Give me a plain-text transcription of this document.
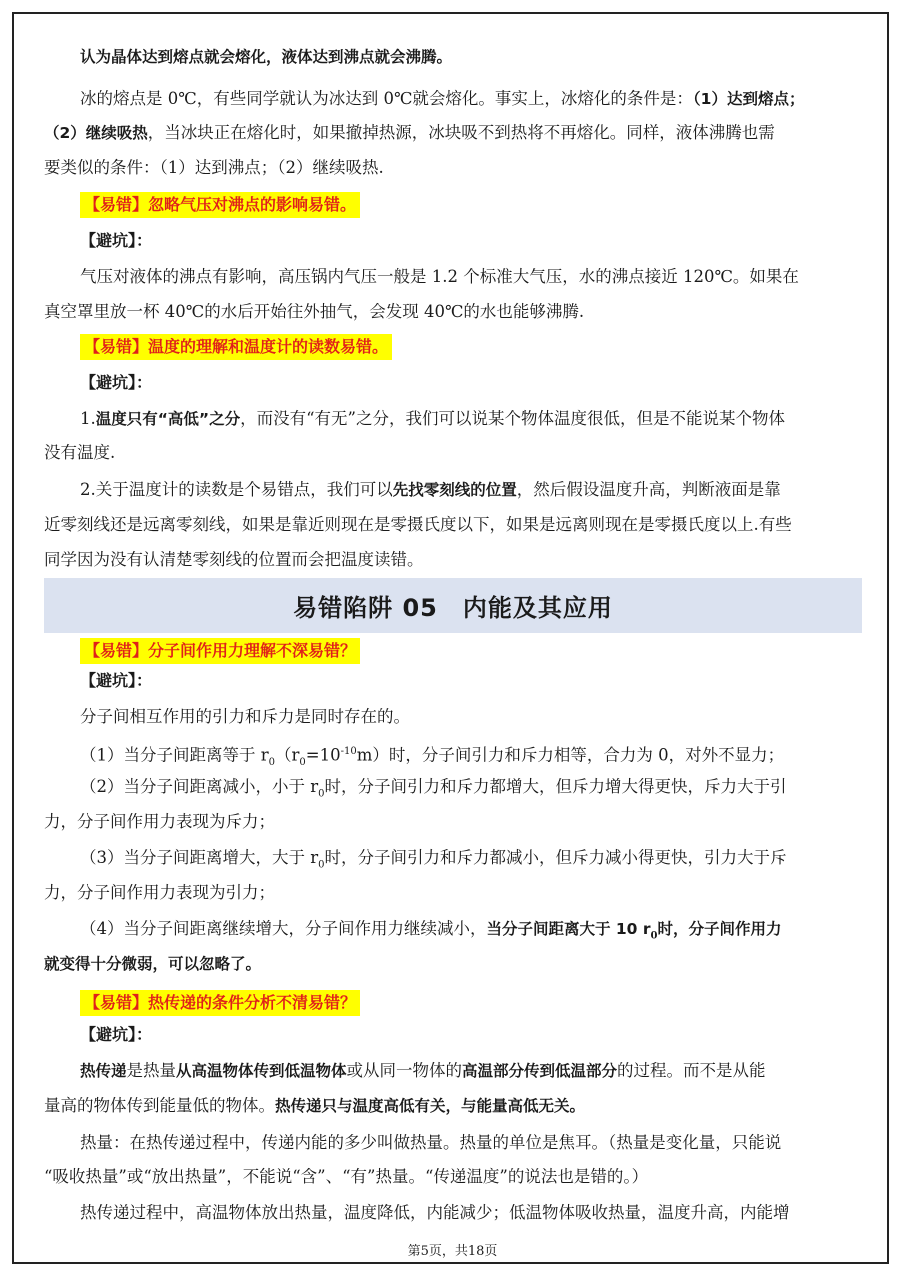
认为晶体达到熔点就会熔化，液体达到沸点就会沸腾。
冰的熔点是 0℃，有些同学就认为冰达到 0℃就会熔化。事实上，冰熔化的条件是：（1）达到熔点；
（2）继续吸热，当冰块正在熔化时，如果撤掉热源，冰块吸不到热将不再熔化。同样，液体沸腾也需
要类似的条件：（1）达到沸点；（2）继续吸热.
【易错】忽略气压对沸点的影响易错。
【避坑】：
气压对液体的沸点有影响，高压锅内气压一般是 1.2 个标准大气压，水的沸点接近 120℃。如果在
真空罩里放一杯 40℃的水后开始往外抽气，会发现 40℃的水也能够沸腾.
【易错】温度的理解和温度计的读数易错。
【避坑】：
1.温度只有“高低”之分，而没有“有无”之分，我们可以说某个物体温度很低，但是不能说某个物体
没有温度.
2.关于温度计的读数是个易错点，我们可以先找零刻线的位置，然后假设温度升高，判断液面是靠
近零刻线还是远离零刻线，如果是靠近则现在是零摄氏度以下，如果是远离则现在是零摄氏度以上.有些
同学因为没有认清楚零刻线的位置而会把温度读错。
易错陷阱 05　内能及其应用
【易错】分子间作用力理解不深易错？
【避坑】：
分子间相互作用的引力和斥力是同时存在的。
（1）当分子间距离等于 $r_0(r_0=10^{-10}m)$时，分子间引力和斥力相等，合力为 0，对外不显力；
（2）当分子间距离减小，小于 $r_0$时，分子间引力和斥力都增大，但斥力增大得更快，斥力大于引
力，分子间作用力表现为斥力；
（3）当分子间距离增大，大于 $r_0$时，分子间引力和斥力都减小，但斥力减小得更快，引力大于斥
力，分子间作用力表现为引力；
（4）当分子间距离继续增大，分子间作用力继续减小，当分子间距离大于 10 $r_0$时，分子间作用力
就变得十分微弱，可以忽略了。
【易错】热传递的条件分析不清易错？
【避坑】：
热传递是热量从高温物体传到低温物体或从同一物体的高温部分传到低温部分的过程。而不是从能
量高的物体传到能量低的物体。热传递只与温度高低有关，与能量高低无关。
热量：在热传递过程中，传递内能的多少叫做热量。热量的单位是焦耳。（热量是变化量，只能说
“吸收热量”或“放出热量”，不能说“含”、“有”热量。“传递温度”的说法也是错的。）
热传递过程中，高温物体放出热量，温度降低，内能减少；低温物体吸收热量，温度升高，内能增
第5页，共18页
